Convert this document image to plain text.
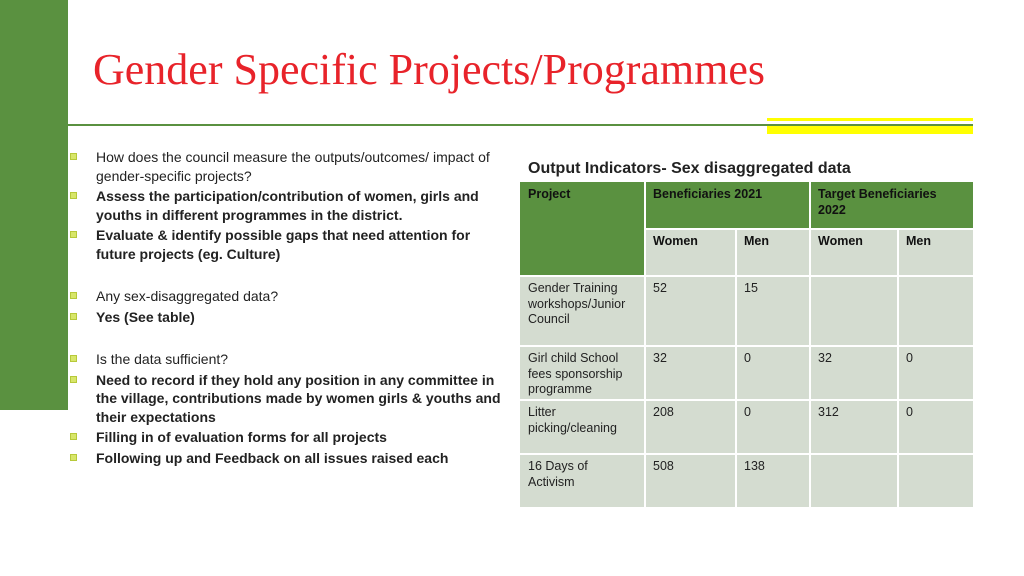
Gender Specific Projects/Programmes
How does the council measure the outputs/outcomes/ impact of gender-specific projects?
Assess the participation/contribution of women, girls and youths in different programmes in the district.
Evaluate & identify possible gaps that need attention for future projects (eg. Culture)
Any sex-disaggregated data?
Yes (See table)
Is the data sufficient?
Need to record if they hold any position in any committee in the village, contributions made by women girls & youths and their expectations
Filling in of evaluation forms for all projects
Following up and Feedback on all issues raised each
Output Indicators- Sex disaggregated data
Project	Beneficiaries 2021	Target Beneficiaries 2022
Women	Men	Women	Men
Gender Training workshops/Junior Council
52	15
Girl child School fees sponsorship programme
32	0	32	0
Litter picking/cleaning
208	0	312	0
16 Days of Activism
508	138
